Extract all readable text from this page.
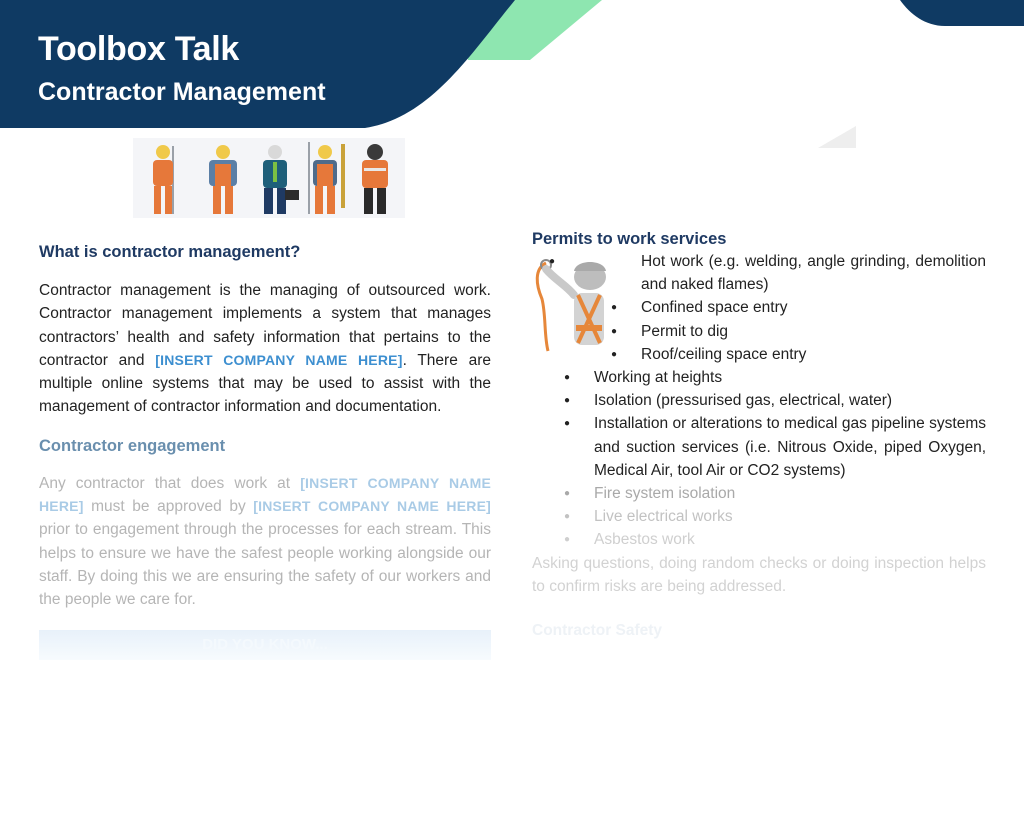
Toolbox Talk
Contractor Management
What is contractor management?

Contractor management is the managing of outsourced work. Contractor management implements a system that manages contractors’ health and safety information that pertains to the contractor and [INSERT COMPANY NAME HERE]. There are multiple online systems that may be used to assist with the management of contractor information and documentation.

Contractor engagement

Any contractor that does work at [INSERT COMPANY NAME HERE] must be approved by [INSERT COMPANY NAME HERE] prior to engagement through the processes for each stream. This helps to ensure we have the safest people working alongside our staff. By doing this we are ensuring the safety of our workers and the people we care for.

DID YOU KNOW...
Permits to work services
● Hot work (e.g. welding, angle grinding, demolition and naked flames)
● Confined space entry
● Permit to dig
● Roof/ceiling space entry
● Working at heights
● Isolation (pressurised gas, electrical, water)
● Installation or alterations to medical gas pipeline systems and suction services (i.e. Nitrous Oxide, piped Oxygen, Medical Air, tool Air or CO2 systems)
● Fire system isolation
● Live electrical works
● Asbestos work

Asking questions, doing random checks or doing inspection helps to confirm risks are being addressed.

Contractor Safety
